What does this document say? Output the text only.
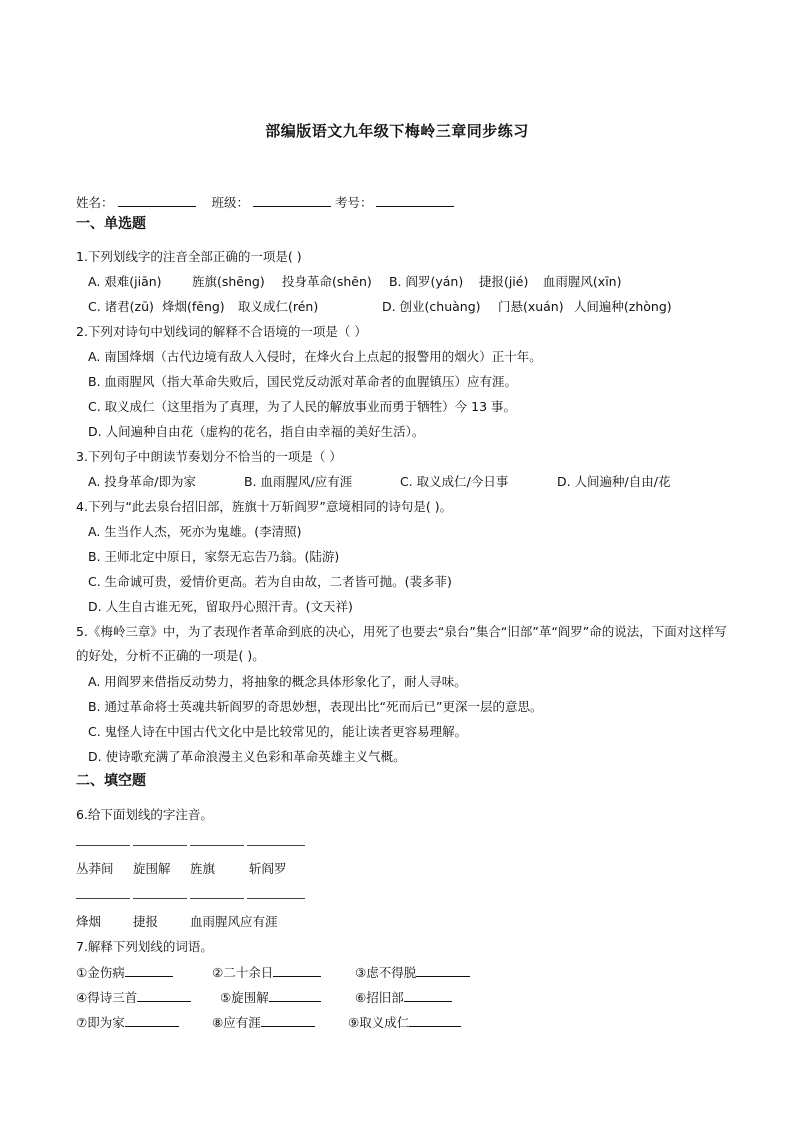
部编版语文九年级下梅岭三章同步练习
姓名：	班级：	考号：
一、单选题
1.下列划线字的注音全部正确的一项是( )
A. 艰难(jiān) 旌旗(shēng) 投身革命(shēn) B. 阎罗(yán) 捷报(jié) 血雨腥风(xīn)
C. 诸君(zū) 烽烟(fēng) 取义成仁(rén)	D. 创业(chuàng) 门悬(xuán) 人间遍种(zhòng)
2.下列对诗句中划线词的解释不合语境的一项是（ ）
A. 南国烽烟（古代边境有敌人入侵时，在烽火台上点起的报警用的烟火）正十年。
B. 血雨腥风（指大革命失败后，国民党反动派对革命者的血腥镇压）应有涯。
C. 取义成仁（这里指为了真理，为了人民的解放事业而勇于牺牲）今 13 事。
D. 人间遍种自由花（虚构的花名，指自由幸福的美好生活）。
3.下列句子中朗读节奏划分不恰当的一项是（ ）
A. 投身革命/即为家	B. 血雨腥风/应有涯	C. 取义成仁/今日事	D. 人间遍种/自由/花
4.下列与“此去泉台招旧部，旌旗十万斩阎罗”意境相同的诗句是( )。
A. 生当作人杰，死亦为鬼雄。(李清照)
B. 王师北定中原日，家祭无忘告乃翁。(陆游)
C. 生命诚可贵，爱情价更高。若为自由故，二者皆可抛。(裴多菲)
D. 人生自古谁无死，留取丹心照汗青。(文天祥)
5.《梅岭三章》中，为了表现作者革命到底的决心，用死了也要去“泉台”集合“旧部”革“阎罗”命的说法，下面对这样写的好处，分析不正确的一项是( )。
A. 用阎罗来借指反动势力，将抽象的概念具体形象化了，耐人寻味。
B. 通过革命将士英魂共斩阎罗的奇思妙想，表现出比“死而后已”更深一层的意思。
C. 鬼怪人诗在中国古代文化中是比较常见的，能让读者更容易理解。
D. 使诗歌充满了革命浪漫主义色彩和革命英雄主义气概。
二、填空题
6.给下面划线的字注音。
丛莽间 旋围解 旌旗	斩阎罗
烽烟	捷报	血雨腥风应有涯
7.解释下列划线的词语。
①金伤病	②二十余日	③虑不得脱
④得诗三首	⑤旋围解	⑥招旧部
⑦即为家	⑧应有涯	⑨取义成仁
